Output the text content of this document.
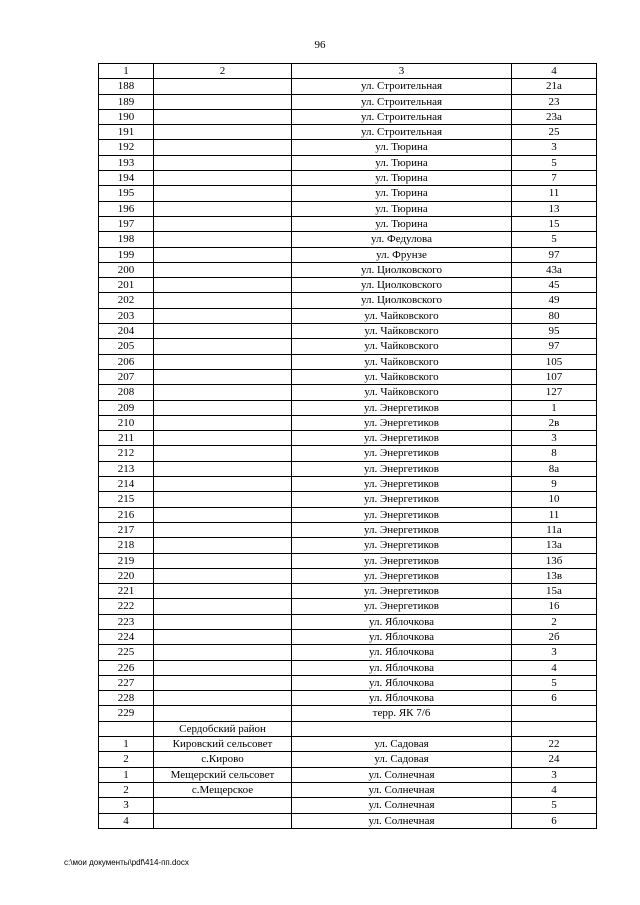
96
1	2	3	4
188		ул. Строительная	21а
189		ул. Строительная	23
190		ул. Строительная	23а
191		ул. Строительная	25
192		ул. Тюрина	3
193		ул. Тюрина	5
194		ул. Тюрина	7
195		ул. Тюрина	11
196		ул. Тюрина	13
197		ул. Тюрина	15
198		ул. Федулова	5
199		ул. Фрунзе	97
200		ул. Циолковского	43а
201		ул. Циолковского	45
202		ул. Циолковского	49
203		ул. Чайковского	80
204		ул. Чайковского	95
205		ул. Чайковского	97
206		ул. Чайковского	105
207		ул. Чайковского	107
208		ул. Чайковского	127
209		ул. Энергетиков	1
210		ул. Энергетиков	2в
211		ул. Энергетиков	3
212		ул. Энергетиков	8
213		ул. Энергетиков	8а
214		ул. Энергетиков	9
215		ул. Энергетиков	10
216		ул. Энергетиков	11
217		ул. Энергетиков	11а
218		ул. Энергетиков	13а
219		ул. Энергетиков	13б
220		ул. Энергетиков	13в
221		ул. Энергетиков	15а
222		ул. Энергетиков	16
223		ул. Яблочкова	2
224		ул. Яблочкова	2б
225		ул. Яблочкова	3
226		ул. Яблочкова	4
227		ул. Яблочкова	5
228		ул. Яблочкова	6
229		терр. ЯК 7/6	
	Сердобский район		
1	Кировский сельсовет	ул. Садовая	22
2	с.Кирово	ул. Садовая	24
1	Мещерский сельсовет	ул. Солнечная	3
2	с.Мещерское	ул. Солнечная	4
3		ул. Солнечная	5
4		ул. Солнечная	6
c:\мои документы\pdf\414-пп.docx
